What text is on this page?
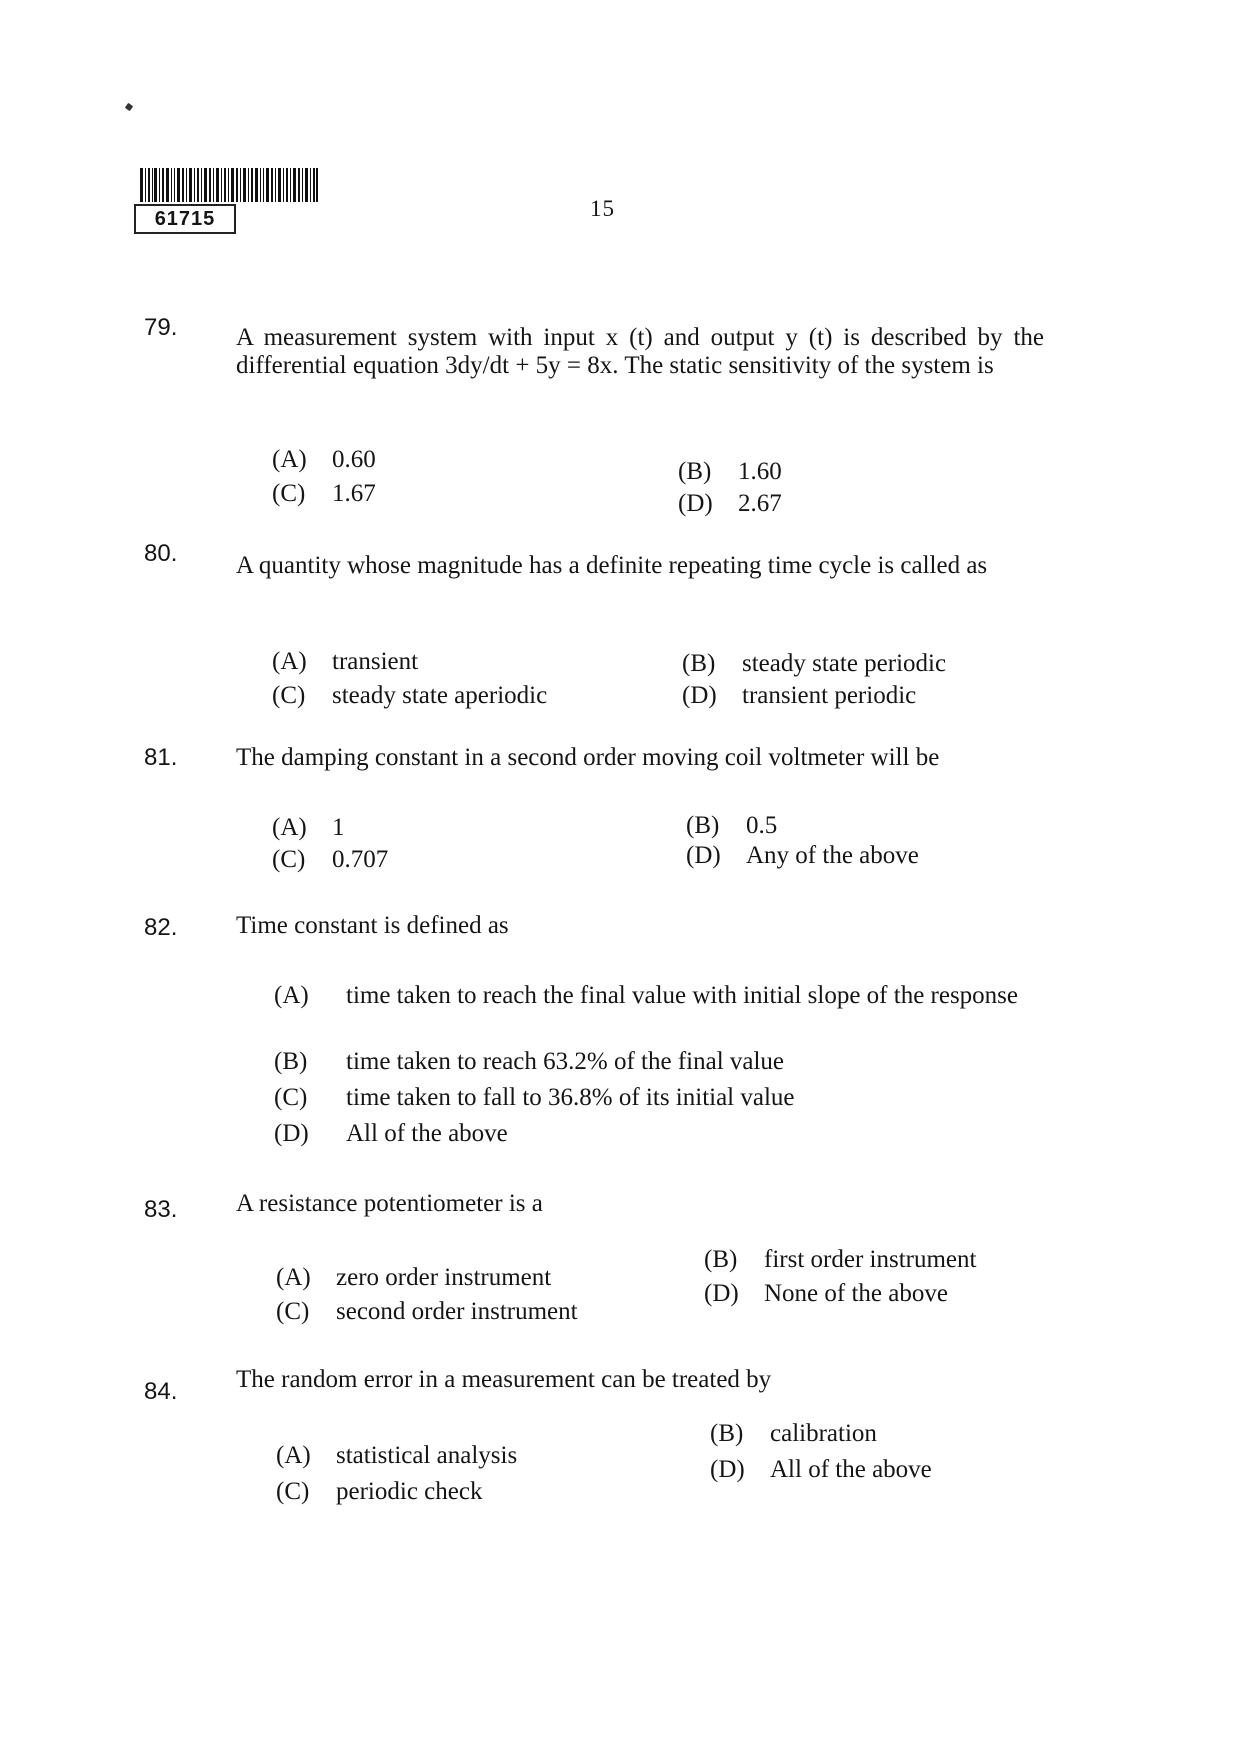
61715	15
79. A measurement system with input x (t) and output y (t) is described by the differential equation 3dy/dt + 5y = 8x. The static sensitivity of the system is
(A) 0.60	(B) 1.60
(C) 1.67	(D) 2.67
80. A quantity whose magnitude has a definite repeating time cycle is called as
(A) transient	(B) steady state periodic
(C) steady state aperiodic	(D) transient periodic
81. The damping constant in a second order moving coil voltmeter will be
(A) 1	(B) 0.5
(C) 0.707	(D) Any of the above
82. Time constant is defined as
(A) time taken to reach the final value with initial slope of the response
(B) time taken to reach 63.2% of the final value
(C) time taken to fall to 36.8% of its initial value
(D) All of the above
83. A resistance potentiometer is a
(A) zero order instrument
(B) first order instrument
(C) second order instrument
(D) None of the above
84. The random error in a measurement can be treated by
(A) statistical analysis
(B) calibration
(C) periodic check
(D) All of the above
